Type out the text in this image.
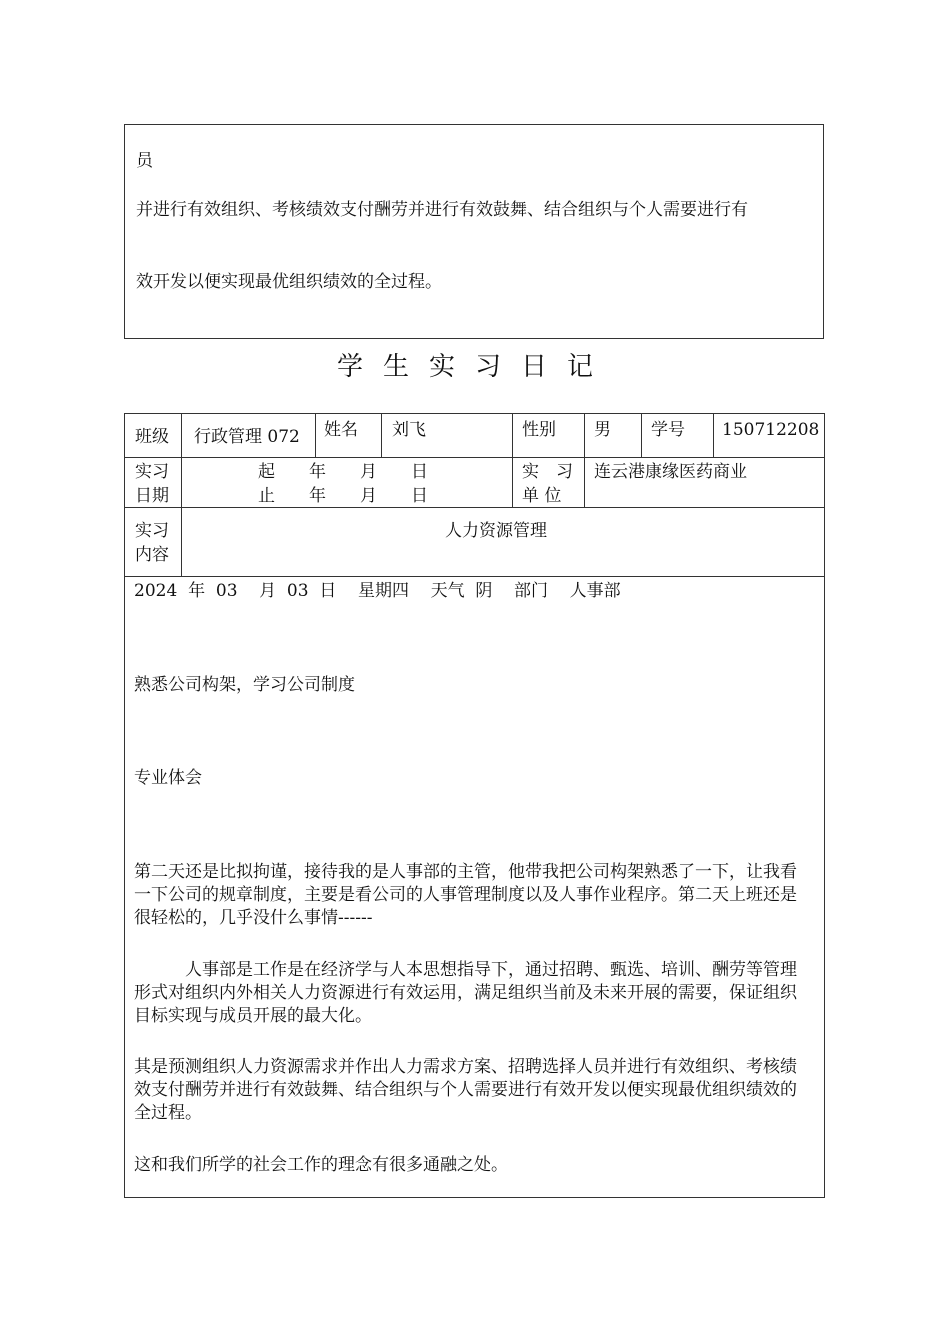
员

并进行有效组织、考核绩效支付酬劳并进行有效鼓舞、结合组织与个人需要进行有

效开发以便实现最优组织绩效的全过程。

学生实习日记
班级 行政管理 072 姓名 刘飞	性别 男 学号 150712208
实习
日期
起　　年　　月　　日
止　　年　　月　　日
实　习
单 位
连云港康缘医药商业
实习
内容
人力资源管理
2024  年  03    月  03  日    星期四    天气  阴    部门    人事部

熟悉公司构架，学习公司制度

专业体会

第二天还是比拟拘谨，接待我的是人事部的主管，他带我把公司构架熟悉了一下，让我看一下公司的规章制度，主要是看公司的人事管理制度以及人事作业程序。第二天上班还是很轻松的，几乎没什么事情------

　　　人事部是工作是在经济学与人本思想指导下，通过招聘、甄选、培训、酬劳等管理形式对组织内外相关人力资源进行有效运用，满足组织当前及未来开展的需要，保证组织目标实现与成员开展的最大化。

其是预测组织人力资源需求并作出人力需求方案、招聘选择人员并进行有效组织、考核绩效支付酬劳并进行有效鼓舞、结合组织与个人需要进行有效开发以便实现最优组织绩效的全过程。

这和我们所学的社会工作的理念有很多通融之处。
